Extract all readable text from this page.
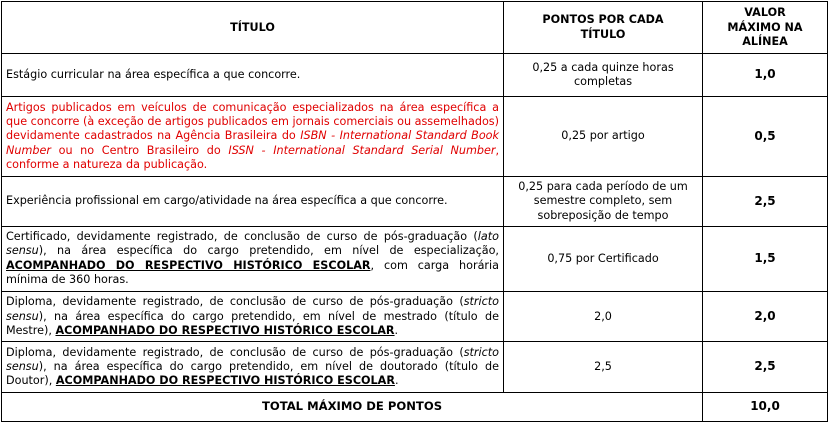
TÍTULO	PONTOS POR CADA TÍTULO	VALOR MÁXIMO NA ALÍNEA
Estágio curricular na área específica a que concorre.	0,25 a cada quinze horas completas	1,0
Artigos publicados em veículos de comunicação especializados na área específica a que concorre (à exceção de artigos publicados em jornais comerciais ou assemelhados) devidamente cadastrados na Agência Brasileira do ISBN - International Standard Book Number ou no Centro Brasileiro do ISSN - International Standard Serial Number, conforme a natureza da publicação.	0,25 por artigo	0,5
Experiência profissional em cargo/atividade na área específica a que concorre.	0,25 para cada período de um semestre completo, sem sobreposição de tempo	2,5
Certificado, devidamente registrado, de conclusão de curso de pós-graduação (lato sensu), na área específica do cargo pretendido, em nível de especialização, ACOMPANHADO DO RESPECTIVO HISTÓRICO ESCOLAR, com carga horária mínima de 360 horas.	0,75 por Certificado	1,5
Diploma, devidamente registrado, de conclusão de curso de pós-graduação (stricto sensu), na área específica do cargo pretendido, em nível de mestrado (título de Mestre), ACOMPANHADO DO RESPECTIVO HISTÓRICO ESCOLAR.	2,0	2,0
Diploma, devidamente registrado, de conclusão de curso de pós-graduação (stricto sensu), na área específica do cargo pretendido, em nível de doutorado (título de Doutor), ACOMPANHADO DO RESPECTIVO HISTÓRICO ESCOLAR.	2,5	2,5
TOTAL MÁXIMO DE PONTOS		10,0
